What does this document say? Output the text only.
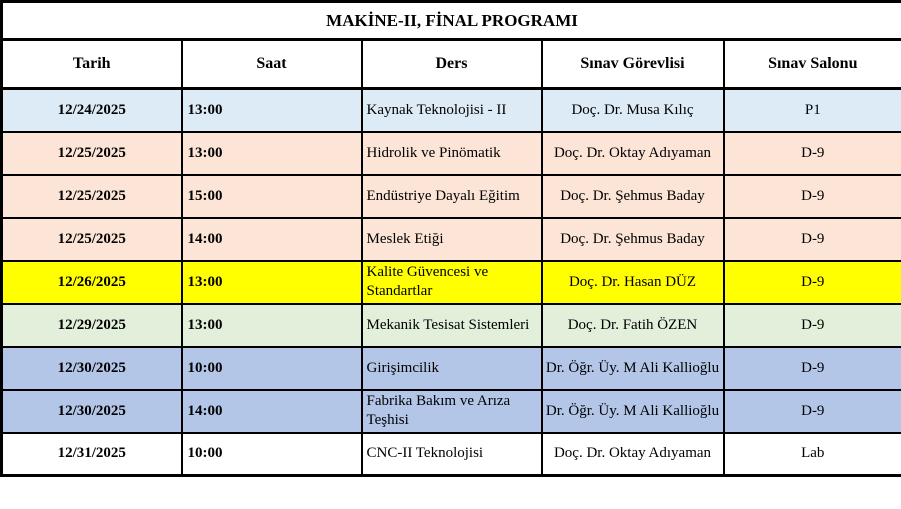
MAKİNE-II, FİNAL PROGRAMI				
Tarih	Saat	Ders	Sınav Görevlisi	Sınav Salonu
12/24/2025	13:00	Kaynak Teknolojisi - II	Doç. Dr. Musa Kılıç	P1
12/25/2025	13:00	Hidrolik ve Pinömatik	Doç. Dr. Oktay Adıyaman	D-9
12/25/2025	15:00	Endüstriye Dayalı Eğitim	Doç. Dr. Şehmus Baday	D-9
12/25/2025	14:00	Meslek Etiği	Doç. Dr. Şehmus Baday	D-9
12/26/2025	13:00	Kalite Güvencesi ve Standartlar	Doç. Dr. Hasan DÜZ	D-9
12/29/2025	13:00	Mekanik Tesisat Sistemleri	Doç. Dr. Fatih ÖZEN	D-9
12/30/2025	10:00	Girişimcilik	Dr. Öğr. Üy. M Ali Kallioğlu	D-9
12/30/2025	14:00	Fabrika Bakım ve Arıza Teşhisi	Dr. Öğr. Üy. M Ali Kallioğlu	D-9
12/31/2025	10:00	CNC-II Teknolojisi	Doç. Dr. Oktay Adıyaman	Lab
